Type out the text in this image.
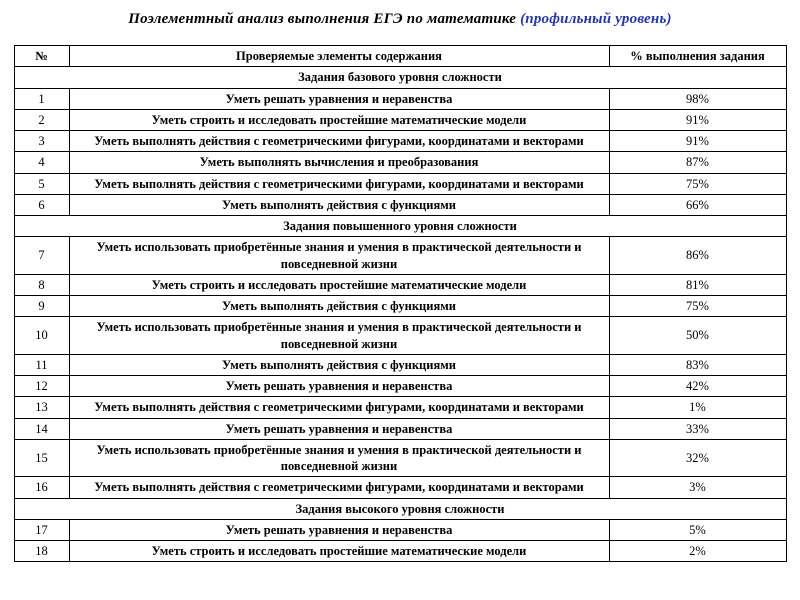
Поэлементный анализ выполнения ЕГЭ по математике (профильный уровень)
№	Проверяемые элементы содержания	% выполнения задания
Задания базового уровня сложности		
1	Уметь решать уравнения и неравенства	98%
2	Уметь строить и исследовать простейшие математические модели	91%
3	Уметь выполнять действия с геометрическими фигурами, координатами и векторами	91%
4	Уметь выполнять вычисления и преобразования	87%
5	Уметь выполнять действия с геометрическими фигурами, координатами и векторами	75%
6	Уметь выполнять действия с функциями	66%
Задания повышенного уровня сложности		
7	Уметь использовать приобретённые знания и умения в практической деятельности и повседневной жизни	86%
8	Уметь строить и исследовать простейшие математические модели	81%
9	Уметь выполнять действия с функциями	75%
10	Уметь использовать приобретённые знания и умения в практической деятельности и повседневной жизни	50%
11	Уметь выполнять действия с функциями	83%
12	Уметь решать уравнения и неравенства	42%
13	Уметь выполнять действия с геометрическими фигурами, координатами и векторами	1%
14	Уметь решать уравнения и неравенства	33%
15	Уметь использовать приобретённые знания и умения в практической деятельности и повседневной жизни	32%
16	Уметь выполнять действия с геометрическими фигурами, координатами и векторами	3%
Задания высокого уровня сложности		
17	Уметь решать уравнения и неравенства	5%
18	Уметь строить и исследовать простейшие математические модели	2%
